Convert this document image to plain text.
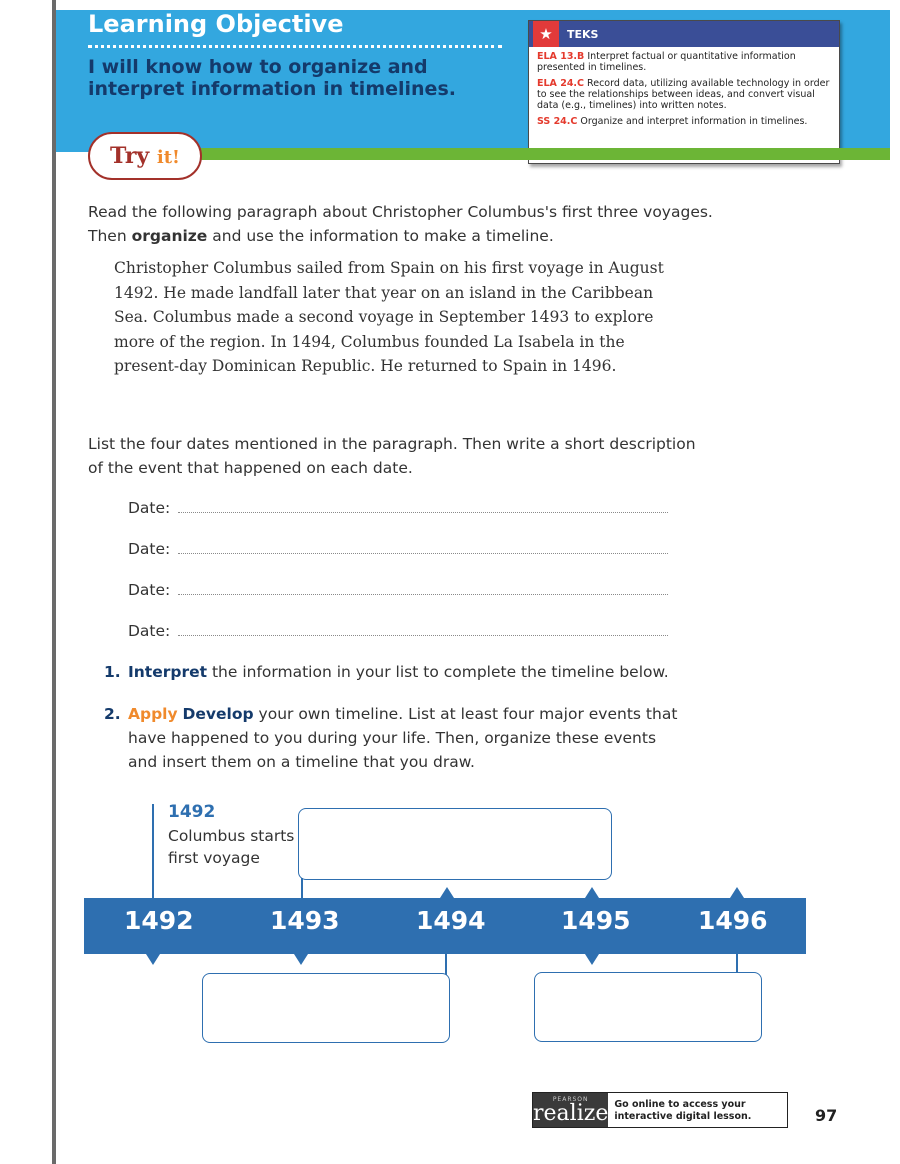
Learning Objective
I will know how to organize and interpret information in timelines.
★	TEKS
ELA 13.B Interpret factual or quantitative information presented in timelines.
ELA 24.C Record data, utilizing available technology in order to see the relationships between ideas, and convert visual data (e.g., timelines) into written notes.
SS 24.C Organize and interpret information in timelines.
Try it!
Read the following paragraph about Christopher Columbus's first three voyages. Then organize and use the information to make a timeline.
Christopher Columbus sailed from Spain on his first voyage in August 1492. He made landfall later that year on an island in the Caribbean Sea. Columbus made a second voyage in September 1493 to explore more of the region. In 1494, Columbus founded La Isabela in the present-day Dominican Republic. He returned to Spain in 1496.
List the four dates mentioned in the paragraph. Then write a short description of the event that happened on each date.
Date:
Date:
Date:
Date:
1. Interpret the information in your list to complete the timeline below.
2. Apply Develop your own timeline. List at least four major events that have happened to you during your life. Then, organize these events and insert them on a timeline that you draw.
1492
Columbus starts first voyage
1492	1493	1494	1495	1496
PEARSON
realize Go online to access your interactive digital lesson.	97
